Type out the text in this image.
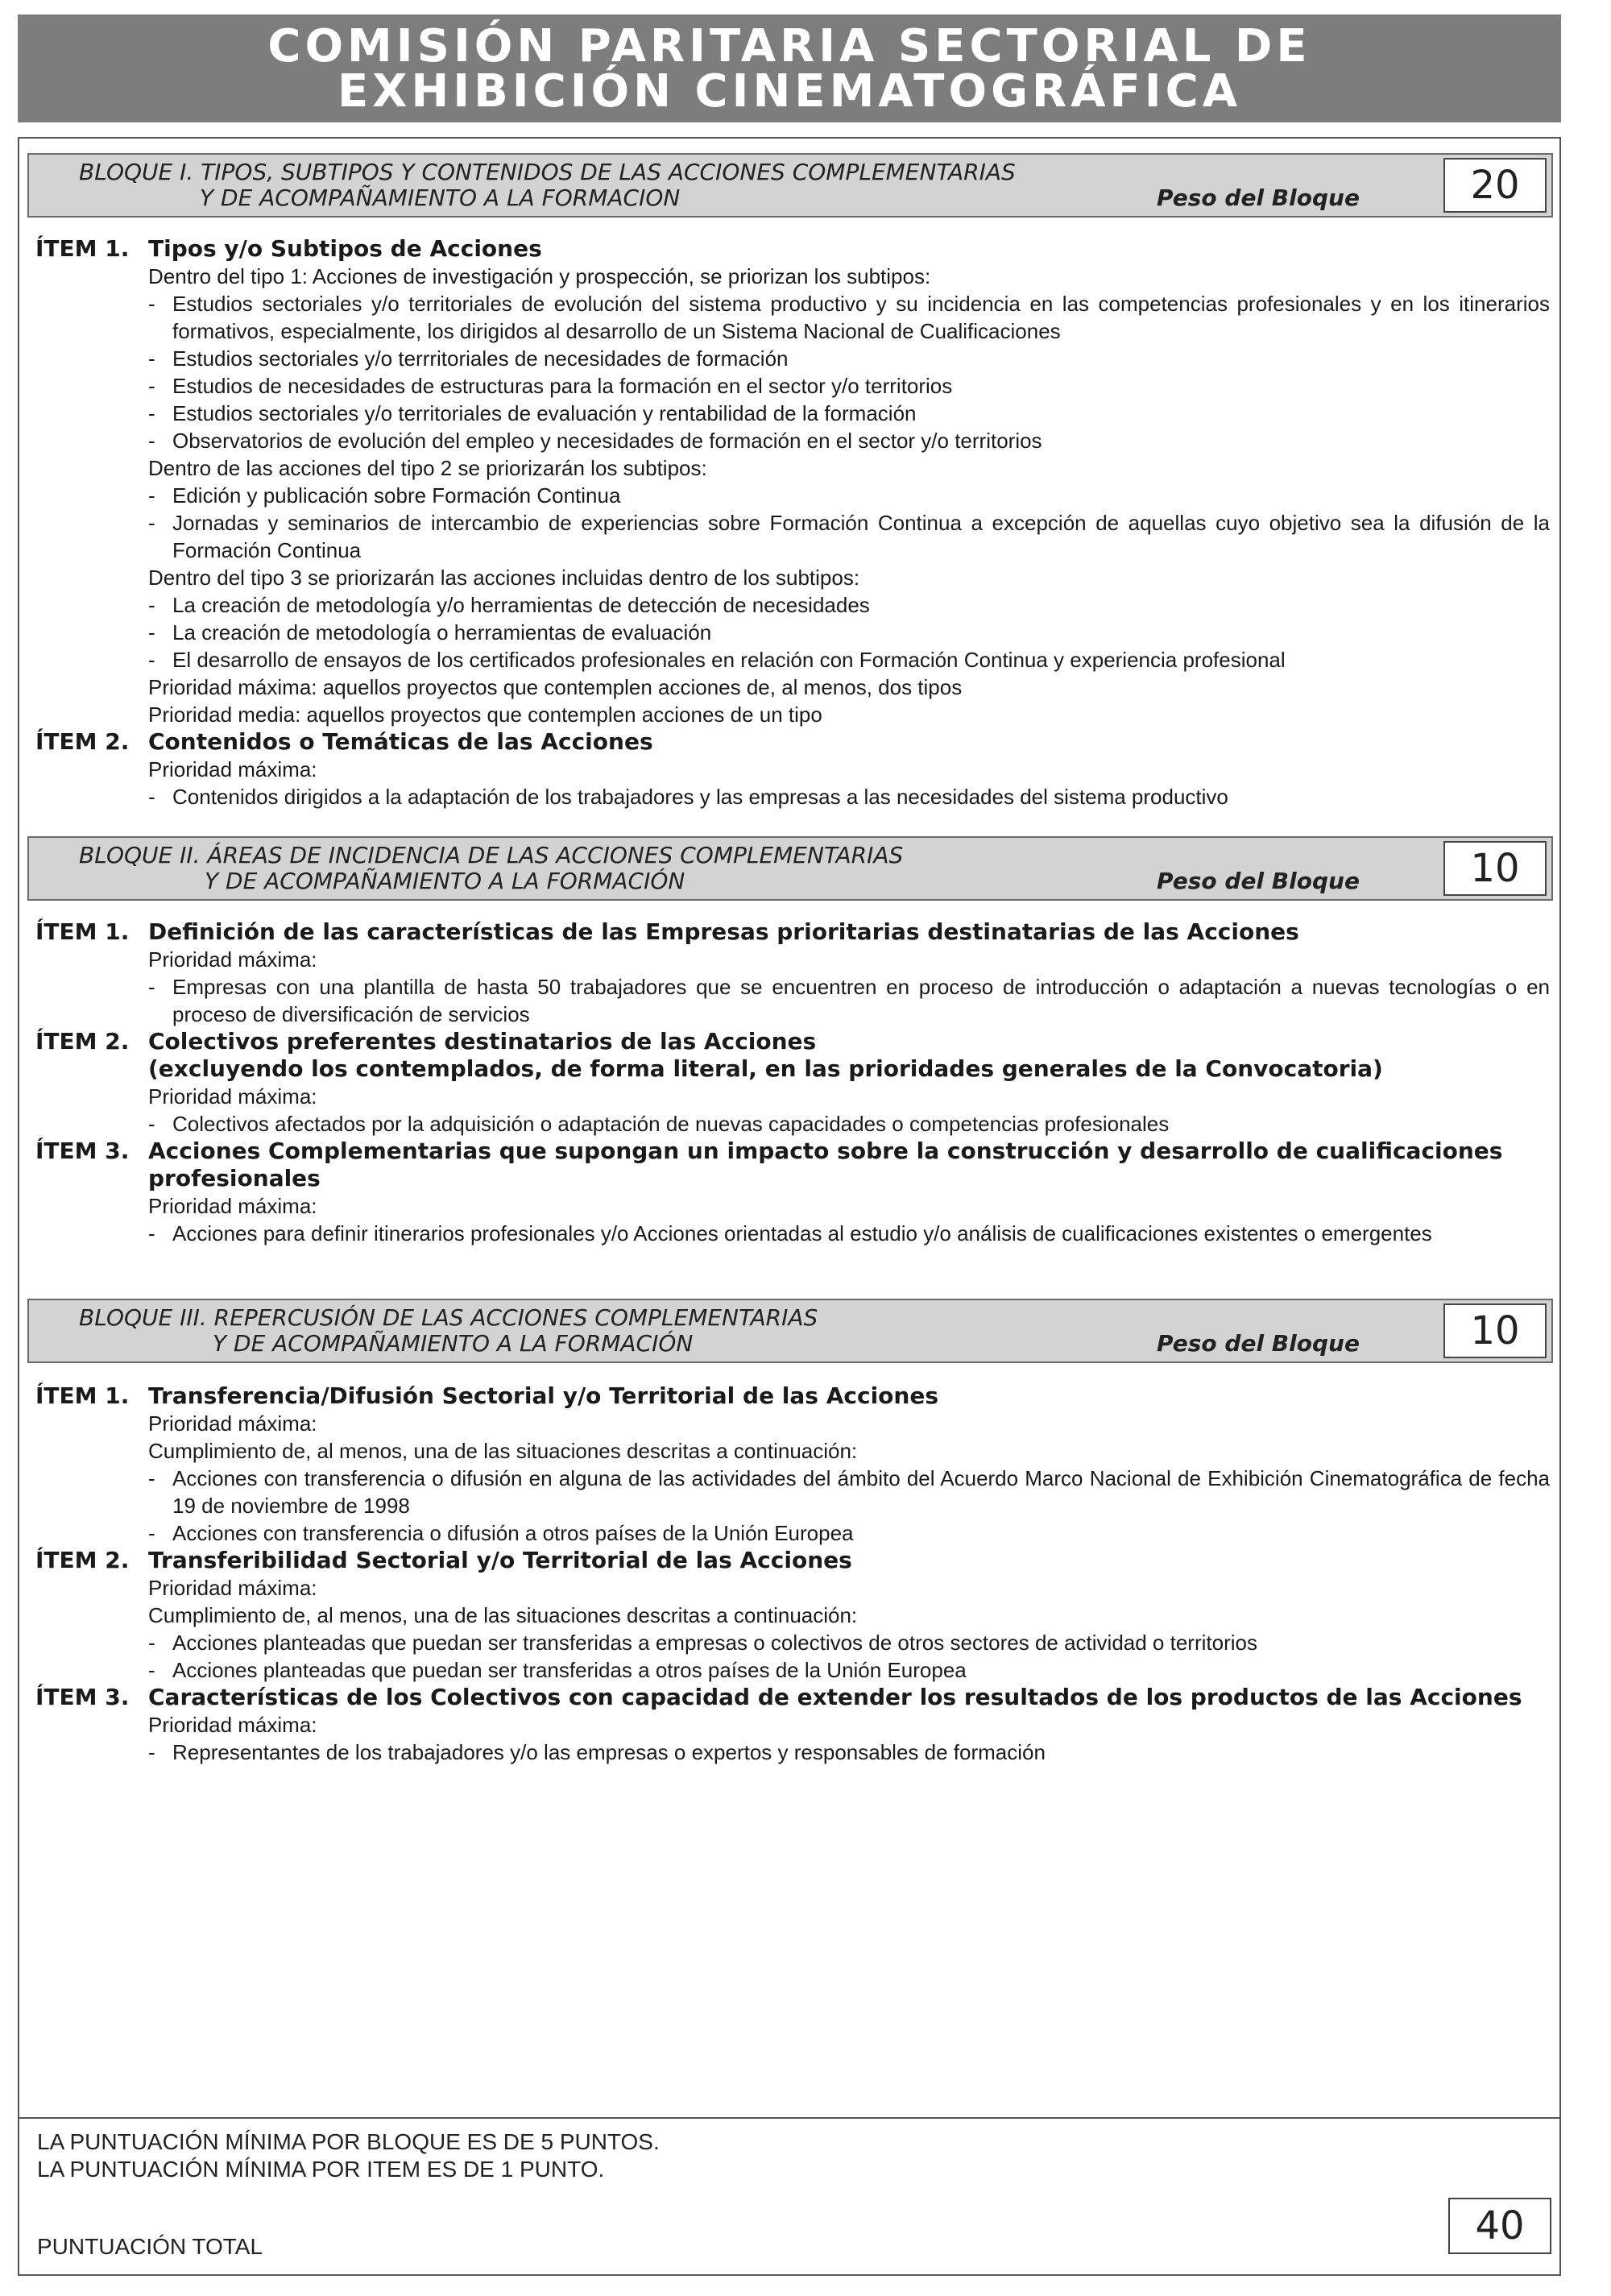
COMISIÓN PARITARIA SECTORIAL DE
EXHIBICIÓN CINEMATOGRÁFICA
BLOQUE I. TIPOS, SUBTIPOS Y CONTENIDOS DE LAS ACCIONES COMPLEMENTARIAS
Y DE ACOMPAÑAMIENTO A LA FORMACION	Peso del Bloque	20
ÍTEM 1. Tipos y/o Subtipos de Acciones
Dentro del tipo 1: Acciones de investigación y prospección, se priorizan los subtipos:
- Estudios sectoriales y/o territoriales de evolución del sistema productivo y su incidencia en las competencias profesionales y en los itinerarios formativos, especialmente, los dirigidos al desarrollo de un Sistema Nacional de Cualificaciones
- Estudios sectoriales y/o terrritoriales de necesidades de formación
- Estudios de necesidades de estructuras para la formación en el sector y/o territorios
- Estudios sectoriales y/o territoriales de evaluación y rentabilidad de la formación
- Observatorios de evolución del empleo y necesidades de formación en el sector y/o territorios
Dentro de las acciones del tipo 2 se priorizarán los subtipos:
- Edición y publicación sobre Formación Continua
- Jornadas y seminarios de intercambio de experiencias sobre Formación Continua a excepción de aquellas cuyo objetivo sea la difusión de la Formación Continua
Dentro del tipo 3 se priorizarán las acciones incluidas dentro de los subtipos:
- La creación de metodología y/o herramientas de detección de necesidades
- La creación de metodología o herramientas de evaluación
- El desarrollo de ensayos de los certificados profesionales en relación con Formación Continua y experiencia profesional
Prioridad máxima: aquellos proyectos que contemplen acciones de, al menos, dos tipos
Prioridad media: aquellos proyectos que contemplen acciones de un tipo
ÍTEM 2. Contenidos o Temáticas de las Acciones
Prioridad máxima:
- Contenidos dirigidos a la adaptación de los trabajadores y las empresas a las necesidades del sistema productivo
BLOQUE II. ÁREAS DE INCIDENCIA DE LAS ACCIONES COMPLEMENTARIAS
Y DE ACOMPAÑAMIENTO A LA FORMACIÓN	Peso del Bloque	10
ÍTEM 1. Definición de las características de las Empresas prioritarias destinatarias de las Acciones
Prioridad máxima:
- Empresas con una plantilla de hasta 50 trabajadores que se encuentren en proceso de introducción o adaptación a nuevas tecnologías o en proceso de diversificación de servicios
ÍTEM 2. Colectivos preferentes destinatarios de las Acciones
(excluyendo los contemplados, de forma literal, en las prioridades generales de la Convocatoria)
Prioridad máxima:
- Colectivos afectados por la adquisición o adaptación de nuevas capacidades o competencias profesionales
ÍTEM 3. Acciones Complementarias que supongan un impacto sobre la construcción y desarrollo de cualificaciones profesionales
Prioridad máxima:
- Acciones para definir itinerarios profesionales y/o Acciones orientadas al estudio y/o análisis de cualificaciones existentes o emergentes
BLOQUE III. REPERCUSIÓN DE LAS ACCIONES COMPLEMENTARIAS
Y DE ACOMPAÑAMIENTO A LA FORMACIÓN	Peso del Bloque	10
ÍTEM 1. Transferencia/Difusión Sectorial y/o Territorial de las Acciones
Prioridad máxima:
Cumplimiento de, al menos, una de las situaciones descritas a continuación:
- Acciones con transferencia o difusión en alguna de las actividades del ámbito del Acuerdo Marco Nacional de Exhibición Cinematográfica de fecha 19 de noviembre de 1998
- Acciones con transferencia o difusión a otros países de la Unión Europea
ÍTEM 2. Transferibilidad Sectorial y/o Territorial de las Acciones
Prioridad máxima:
Cumplimiento de, al menos, una de las situaciones descritas a continuación:
- Acciones planteadas que puedan ser transferidas a empresas o colectivos de otros sectores de actividad o territorios
- Acciones planteadas que puedan ser transferidas a otros países de la Unión Europea
ÍTEM 3. Características de los Colectivos con capacidad de extender los resultados de los productos de las Acciones
Prioridad máxima:
- Representantes de los trabajadores y/o las empresas o expertos y responsables de formación
LA PUNTUACIÓN MÍNIMA POR BLOQUE ES DE 5 PUNTOS.
LA PUNTUACIÓN MÍNIMA POR ITEM ES DE 1 PUNTO.
PUNTUACIÓN TOTAL	40
